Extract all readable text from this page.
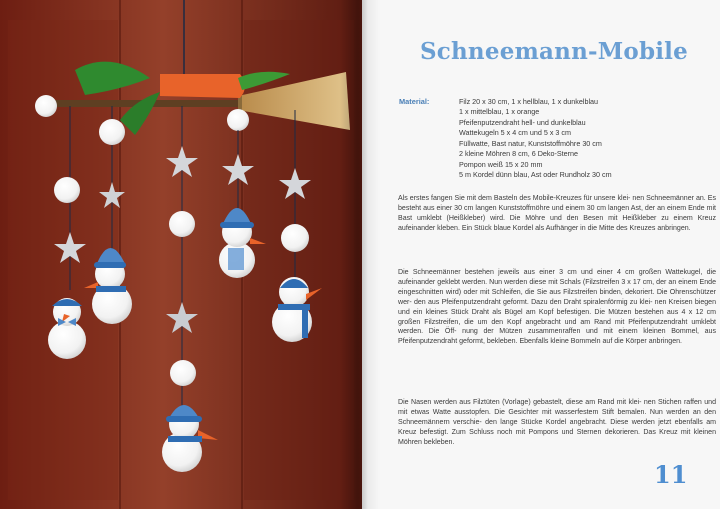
Schneemann-Mobile
Material:	Filz 20 x 30 cm, 1 x hellblau, 1 x dunkelblau
1 x mittelblau, 1 x orange
Pfeifenputzendraht hell- und dunkelblau
Wattekugeln 5 x 4 cm und 5 x 3 cm
Füllwatte, Bast natur, Kunststoffmöhre 30 cm
2 kleine Möhren 8 cm, 6 Deko-Sterne
Pompon weiß 15 x 20 mm
5 m Kordel dünn blau, Ast oder Rundholz 30 cm

Als erstes fangen Sie mit dem Basteln des Mobile-Kreuzes für unsere klei- nen Schneemänner an. Es besteht aus einer 30 cm langen Kunststoffmöhre und einem 30 cm langen Ast, der an einem Ende mit Bast umklebt (Heißkleber) wird. Die Möhre und den Besen mit Heißkleber zu einem Kreuz aufeinander kleben. Ein Stück blaue Kordel als Aufhänger in die Mitte des Kreuzes anbringen.

Die Schneemänner bestehen jeweils aus einer 3 cm und einer 4 cm großen Wattekugel, die aufeinander geklebt werden. Nun werden diese mit Schals (Filzstreifen 3 x 17 cm, der an einem Ende eingeschnitten wird) oder mit Schleifen, die Sie aus Filzstreifen binden, dekoriert. Die Ohrenschützer wer- den aus Pfeifenputzendraht geformt. Dazu den Draht spiralenförmig zu klei- nen Kreisen biegen und ein kleines Stück Draht als Bügel am Kopf befestigen. Die Mützen bestehen aus 4 x 12 cm großen Filzstreifen, die um den Kopf angebracht und am Rand mit Pfeifenputzendraht umklebt werden. Die Öff- nung der Mützen zusammenraffen und mit einem kleinen Bommel, aus Pfeifenputzendraht geformt, bekleben. Ebenfalls kleine Bommeln auf die Körper anbringen.

Die Nasen werden aus Filztüten (Vorlage) gebastelt, diese am Rand mit klei- nen Stichen raffen und mit etwas Watte ausstopfen. Die Gesichter mit wasserfestem Stift bemalen. Nun werden an den Schneemännern verschie- den lange Stücke Kordel angebracht. Diese werden jetzt ebenfalls am Kreuz befestigt. Zum Schluss noch mit Pompons und Sternen dekorieren. Das Kreuz mit kleinen Möhren bekleben.

11
